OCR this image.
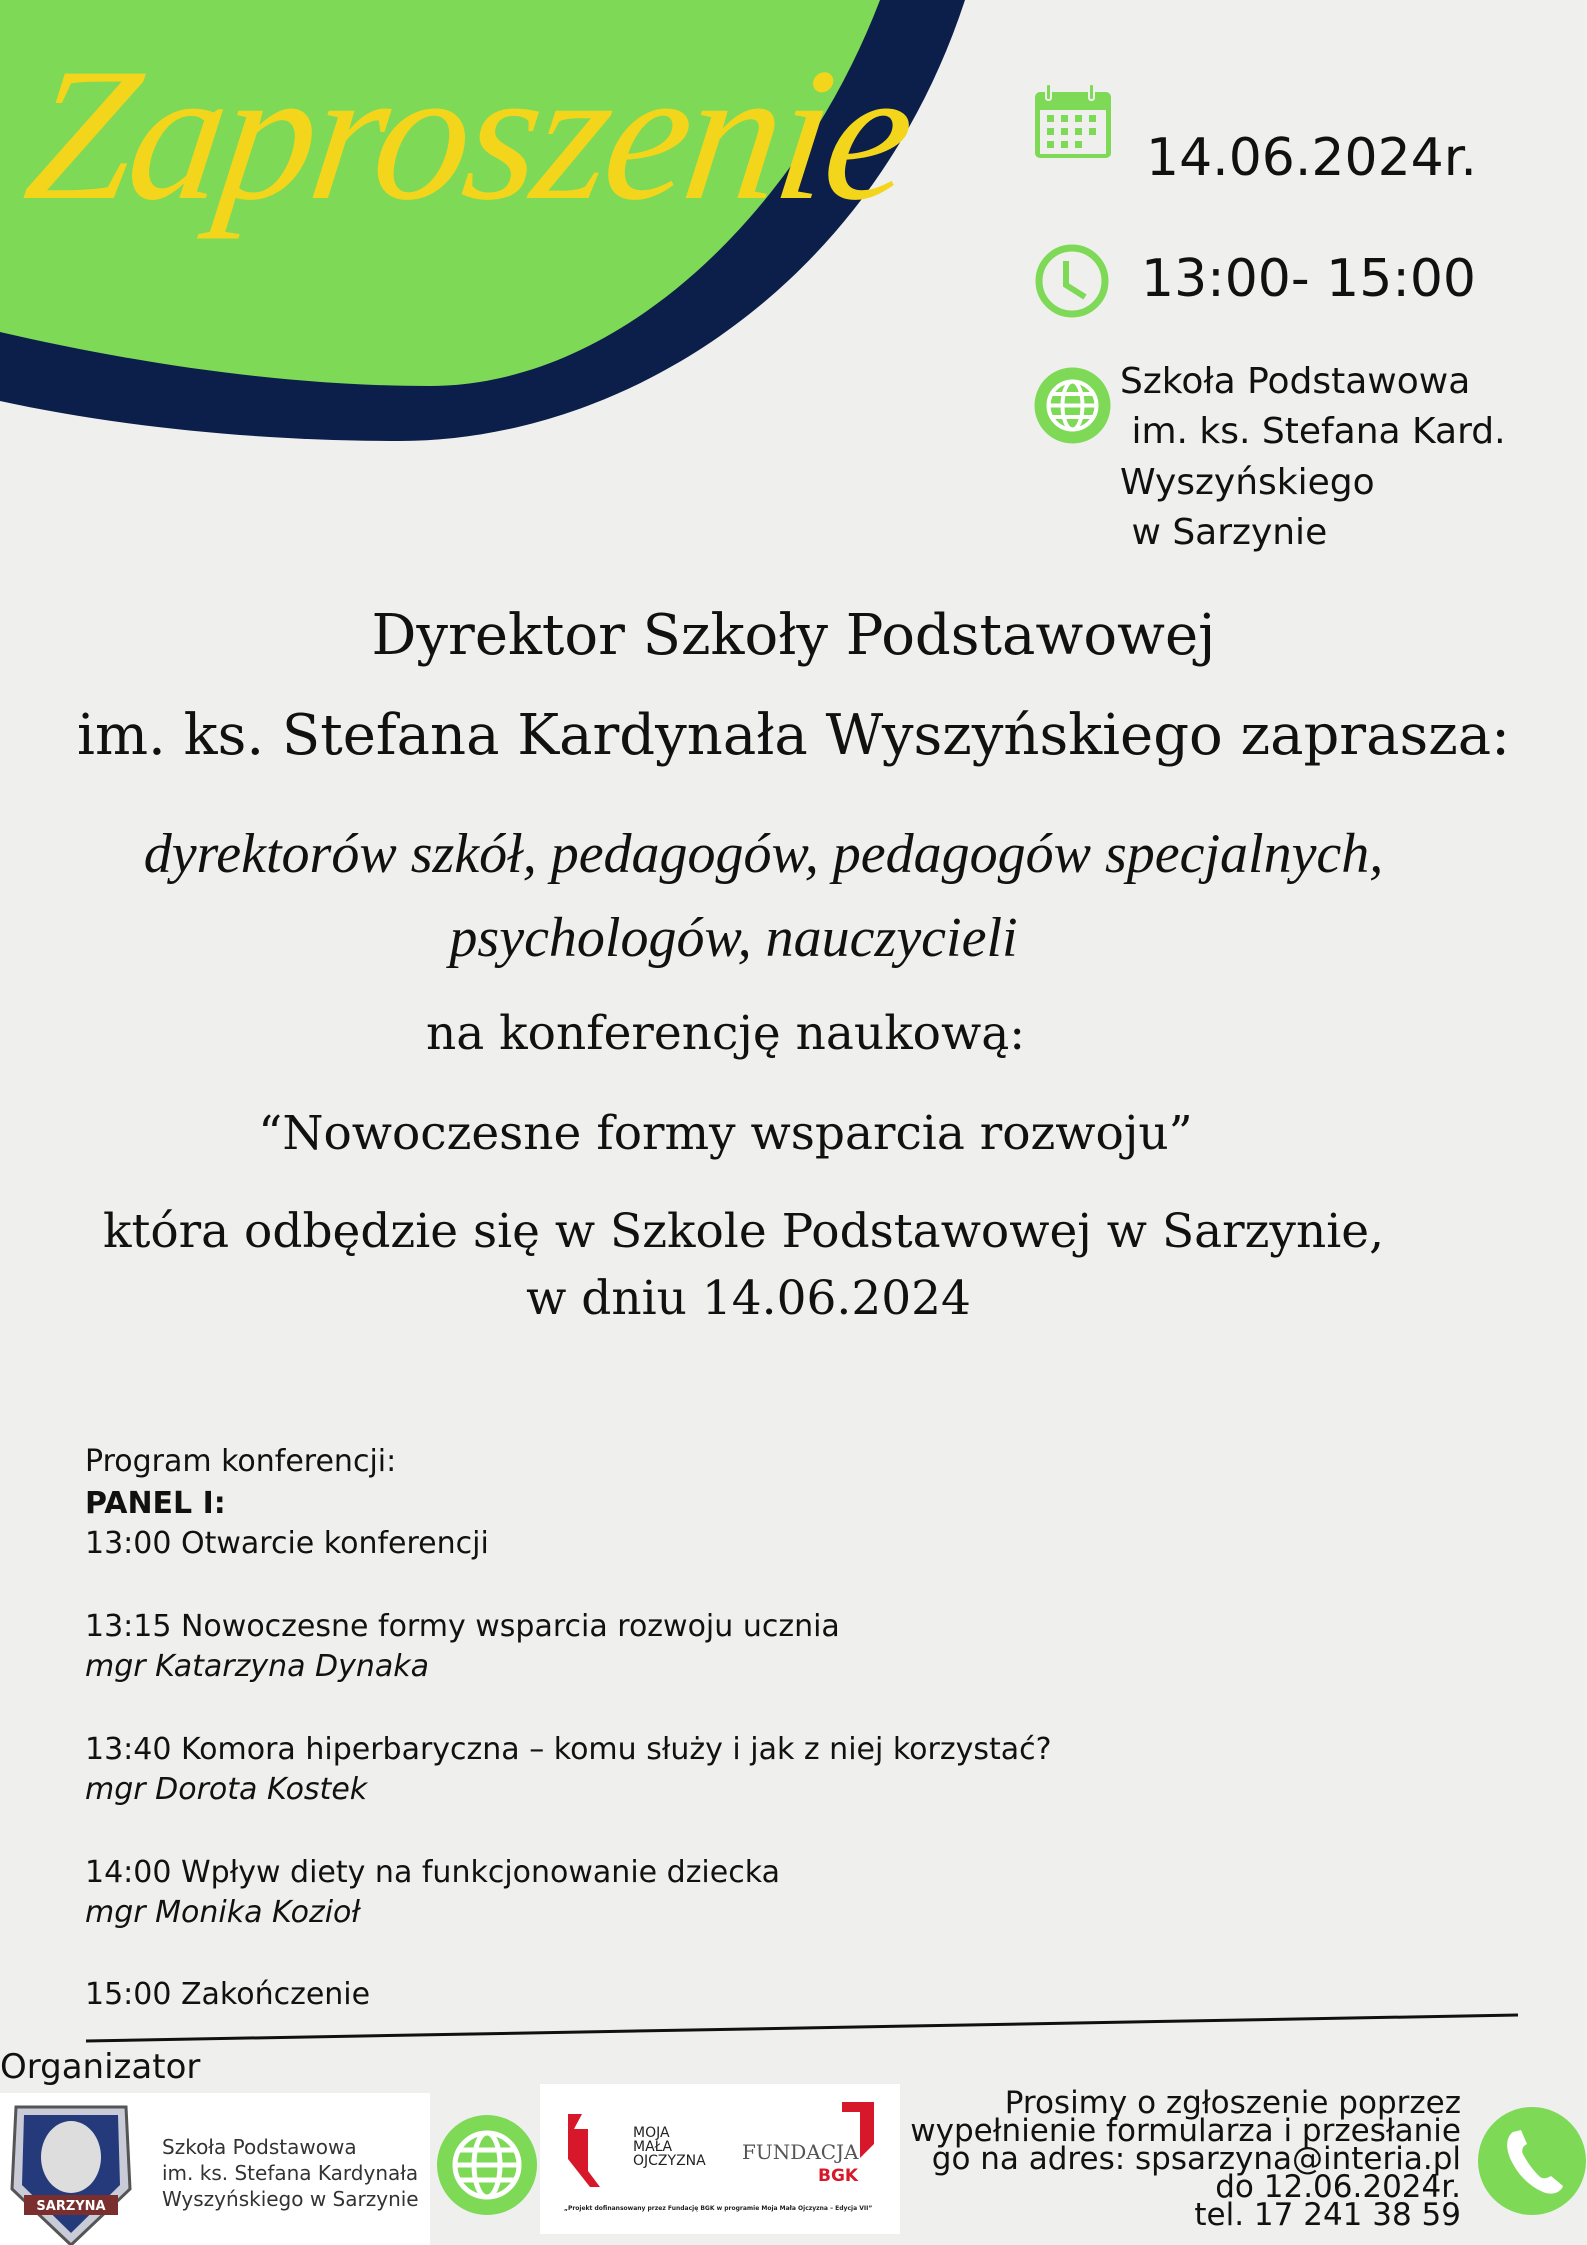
Zaproszenie	14.06.2024r.
13:00- 15:00
Szkoła Podstawowa
im. ks. Stefana Kard.
Wyszyńskiego
w Sarzynie
Dyrektor Szkoły Podstawowej
im. ks. Stefana Kardynała Wyszyńskiego zaprasza:
dyrektorów szkół, pedagogów, pedagogów specjalnych,
psychologów, nauczycieli
na konferencję naukową:
“Nowoczesne formy wsparcia rozwoju”
która odbędzie się w Szkole Podstawowej w Sarzynie,
w dniu 14.06.2024
Program konferencji:
PANEL I:
13:00 Otwarcie konferencji
13:15 Nowoczesne formy wsparcia rozwoju ucznia
mgr Katarzyna Dynaka
13:40 Komora hiperbaryczna – komu służy i jak z niej korzystać?
mgr Dorota Kostek
14:00 Wpływ diety na funkcjonowanie dziecka
mgr Monika Kozioł
15:00 Zakończenie
Organizator
SARZYNA
Szkoła Podstawowa
im. ks. Stefana Kardynała
Wyszyńskiego w Sarzynie
MOJA
MAŁA
OJCZYZNA FUNDACJA
BGK
„Projekt dofinansowany przez Fundację BGK w programie Moja Mała Ojczyzna – Edycja VII”
Prosimy o zgłoszenie poprzez
wypełnienie formularza i przesłanie
go na adres: spsarzyna@interia.pl
do 12.06.2024r.
tel. 17 241 38 59
